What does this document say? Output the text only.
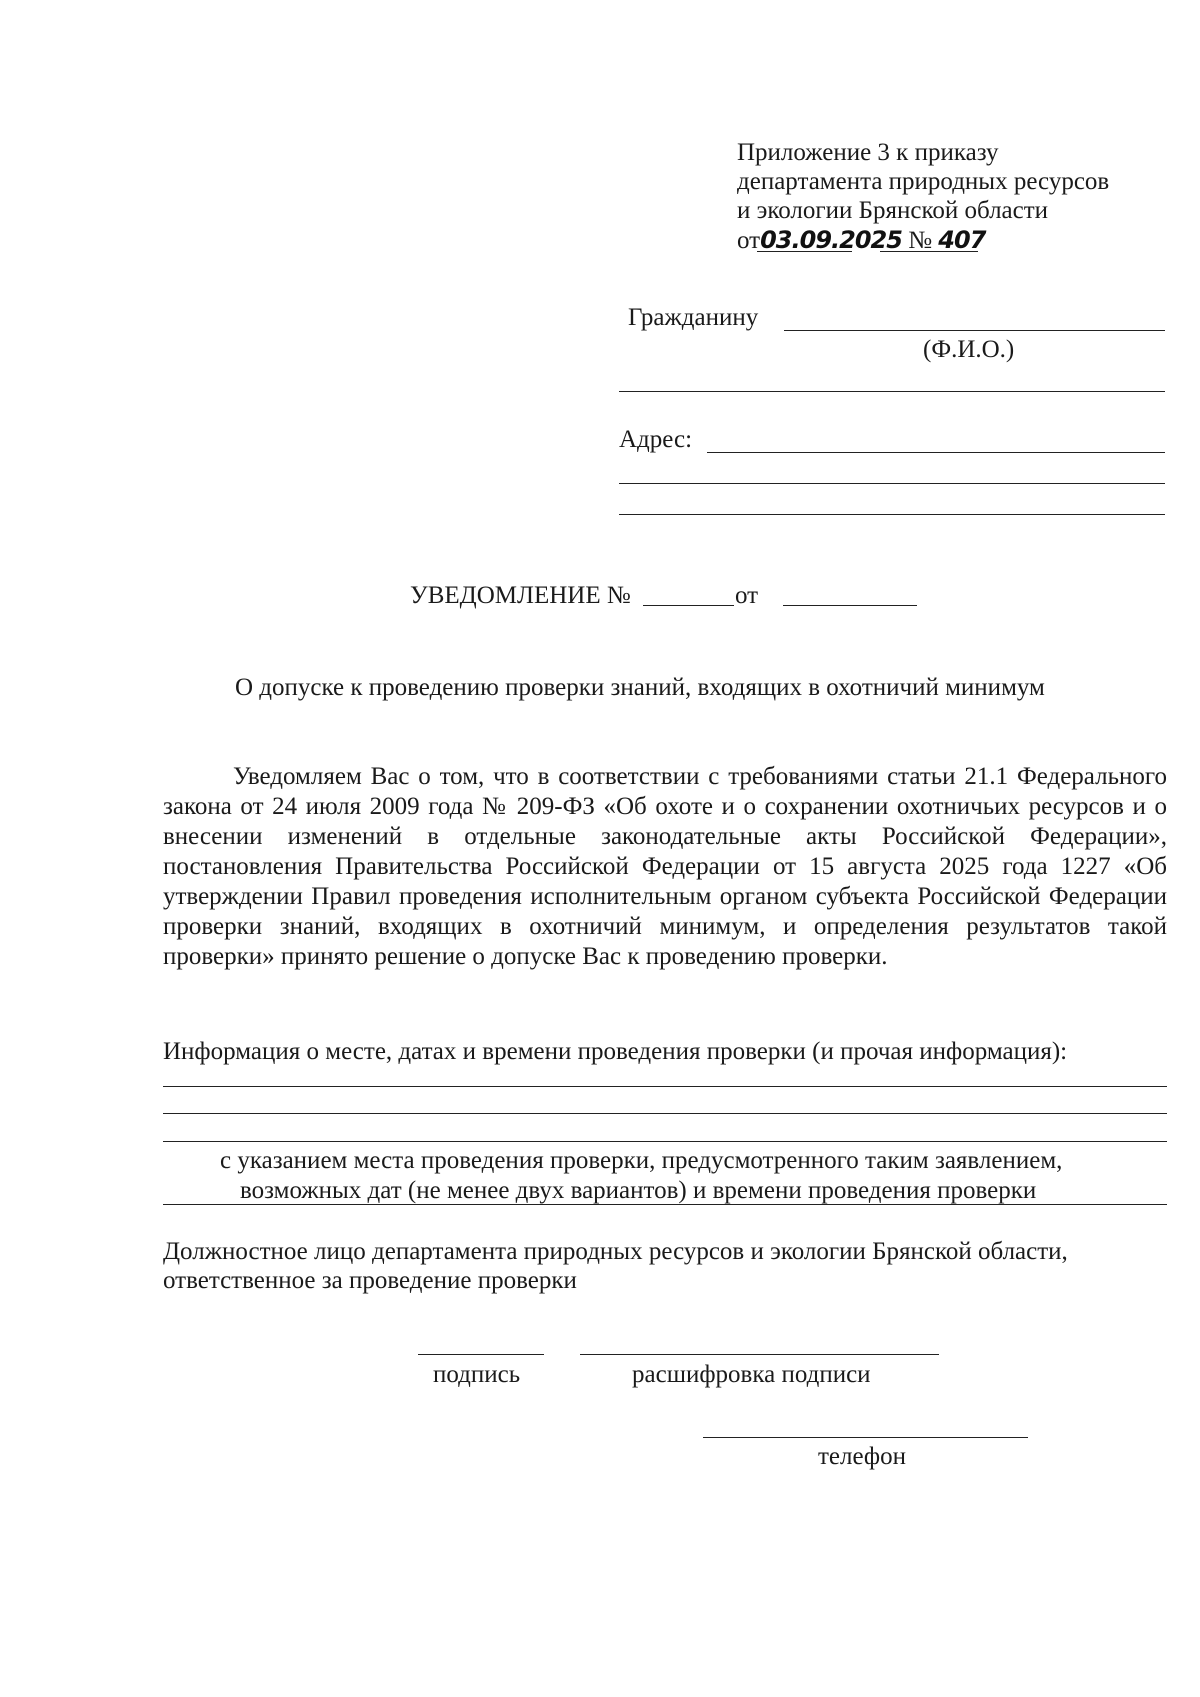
Приложение 3 к приказу
департамента природных ресурсов
и экологии Брянской области
от03.09.2025 № 407
Гражданину
(Ф.И.О.)
Адрес:
УВЕДОМЛЕНИЕ №	от
О допуске к проведению проверки знаний, входящих в охотничий минимум
Уведомляем Вас о том, что в соответствии с требованиями статьи 21.1 Федерального закона от 24 июля 2009 года № 209-ФЗ «Об охоте и о сохранении охотничьих ресурсов и о внесении изменений в отдельные законодательные акты Российской Федерации», постановления Правительства Российской Федерации от 15 августа 2025 года 1227 «Об утверждении Правил проведения исполнительным органом субъекта Российской Федерации проверки знаний, входящих в охотничий минимум, и определения результатов такой проверки» принято решение о допуске Вас к проведению проверки.
Информация о месте, датах и времени проведения проверки (и прочая информация):
с указанием места проведения проверки, предусмотренного таким заявлением,
возможных дат (не менее двух вариантов) и времени проведения проверки
Должностное лицо департамента природных ресурсов и экологии Брянской области,
ответственное за проведение проверки
подпись	расшифровка подписи
телефон
